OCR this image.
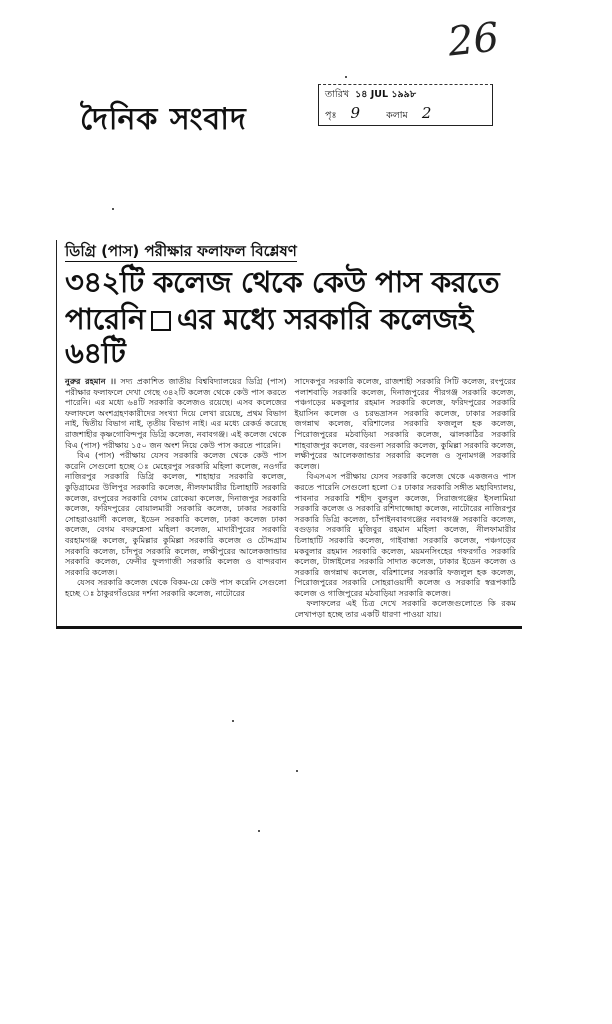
26
দৈনিক সংবাদ
তারিখ ১৪ JUL ১৯৯৮
পৃঃ 9	কলাম 2
ডিগ্রি (পাস) পরীক্ষার ফলাফল বিশ্লেষণ
৩৪২টি কলেজ থেকে কেউ পাস করতে
পারেনি এর মধ্যে সরকারি কলেজই ৬৪টি

নুরুর রহমান ।। সদ্য প্রকাশিত জাতীয় বিশ্ববিদ্যালয়ের ডিগ্রি (পাস) পরীক্ষার ফলাফলে দেখা গেছে ৩৪২টি কলেজ থেকে কেউ পাস করতে পারেনি। এর মধ্যে ৬৪টি সরকারি কলেজও রয়েছে। এসব কলেজের ফলাফলে অংশগ্রহণকারীদের সংখ্যা দিয়ে লেখা রয়েছে, প্রথম বিভাগ নাই, দ্বিতীয় বিভাগ নাই, তৃতীয় বিভাগ নাই। এর মধ্যে রেকর্ড করেছে রাজশাহীর কৃষ্ণগোবিন্দপুর ডিগ্রি কলেজ, নবাবগঞ্জ। এই কলেজ থেকে বিএ (পাস) পরীক্ষায় ১৫০ জন অংশ নিয়ে কেউ পাস করতে পারেনি।

বিএ (পাস) পরীক্ষায় যেসব সরকারি কলেজ থেকে কেউ পাস করেনি সেগুলো হচ্ছে ঃ মেহেরপুর সরকারি মহিলা কলেজ, নওগাঁর নাজিরপুর সরকারি ডিগ্রি কলেজ, শাহাহার সরকারি কলেজ, কুড়িগ্রামের উলিপুর সরকারি কলেজ, নীলফামারীর চিলাহাটি সরকারি কলেজ, রংপুরের সরকারি বেগম রোকেয়া কলেজ, দিনাজপুর সরকারি কলেজ, ফরিদপুরের বোয়ালমারী সরকারি কলেজ, ঢাকার সরকারি সোহরাওয়ার্দী কলেজ, ইডেন সরকারি কলেজ, ঢাকা কলেজ ঢাকা কলেজ, বেগম বদরুন্নেসা মহিলা কলেজ, মাদারীপুরের সরকারি বরহামগঞ্জ কলেজ, কুমিল্লার কুমিল্লা সরকারি কলেজ ও চৌদ্দগ্রাম সরকারি কলেজ, চাঁদপুর সরকারি কলেজ, লক্ষীপুরের আলেকজান্ডার সরকারি কলেজ, ফেনীর ফুলগাজী সরকারি কলেজ ও বান্দরবান সরকারি কলেজ।

যেসব সরকারি কলেজ থেকে বিকম-য়ে কেউ পাস করেনি সেগুলো হচ্ছে ঃ ঠাকুরগাঁওয়ের দর্শনা সরকারি কলেজ, নাটোরের

সাদেকপুর সরকারি কলেজ, রাজশাহী সরকারি সিটি কলেজ, রংপুরের পলাশবাড়ি সরকারি কলেজ, দিনাজপুরের পীরগঞ্জ সরকারি কলেজ, পঞ্চগড়ের মকবুলার রহমান সরকারি কলেজ, ফরিদপুরের সরকারি ইয়াসিন কলেজ ও চরভদ্রাসন সরকারি কলেজ, ঢাকার সরকারি জগন্নাথ কলেজ, বরিশালের সরকারি ফজলুল হক কলেজ, পিরোজপুরের মঠবাড়িয়া সরকারি কলেজ, ঝালকাঠির সরকারি শাহবাজপুর কলেজ, বরগুনা সরকারি কলেজ, কুমিল্লা সরকারি কলেজ, লক্ষীপুরের আলেকজান্ডার সরকারি কলেজ ও সুনামগঞ্জ সরকারি কলেজ।

বিএসএস পরীক্ষায় যেসব সরকারি কলেজ থেকে একজনও পাস করতে পারেনি সেগুলো হলো ঃ ঢাকার সরকারি সঙ্গীত মহাবিদ্যালয়, পাবনার সরকারি শহীদ বুলবুল কলেজ, সিরাজগঞ্জের ইসলামিয়া সরকারি কলেজ ও সরকারি রশিদাজ্জোহা কলেজ, নাটোরের নাজিরপুর সরকারি ডিগ্রি কলেজ, চাঁপাইনবাবগঞ্জের নবাবগঞ্জ সরকারি কলেজ, বগুড়ার সরকারি মুজিবুর রহমান মহিলা কলেজ, নীলফামারীর চিলাহাটি সরকারি কলেজ, গাইবান্ধা সরকারি কলেজ, পঞ্চগড়ের মকবুলার রহমান সরকারি কলেজ, ময়মনসিংহের গফরগাঁও সরকারি কলেজ, টাঙ্গাইলের সরকারি সাদাত কলেজ, ঢাকার ইডেন কলেজ ও সরকারি জগন্নাথ কলেজ, বরিশালের সরকারি ফজলুল হক কলেজ, পিরোজপুরের সরকারি সোহরাওয়ার্দী কলেজ ও সরকারি স্বরূপকাঠি কলেজ ও গাজিপুরের মঠবাড়িয়া সরকারি কলেজ।

ফলাফলের এই চিত্র দেখে সরকারি কলেজগুলোতে কি রকম লেখাপড়া হচ্ছে তার একটি ধারণা পাওয়া যায়।
